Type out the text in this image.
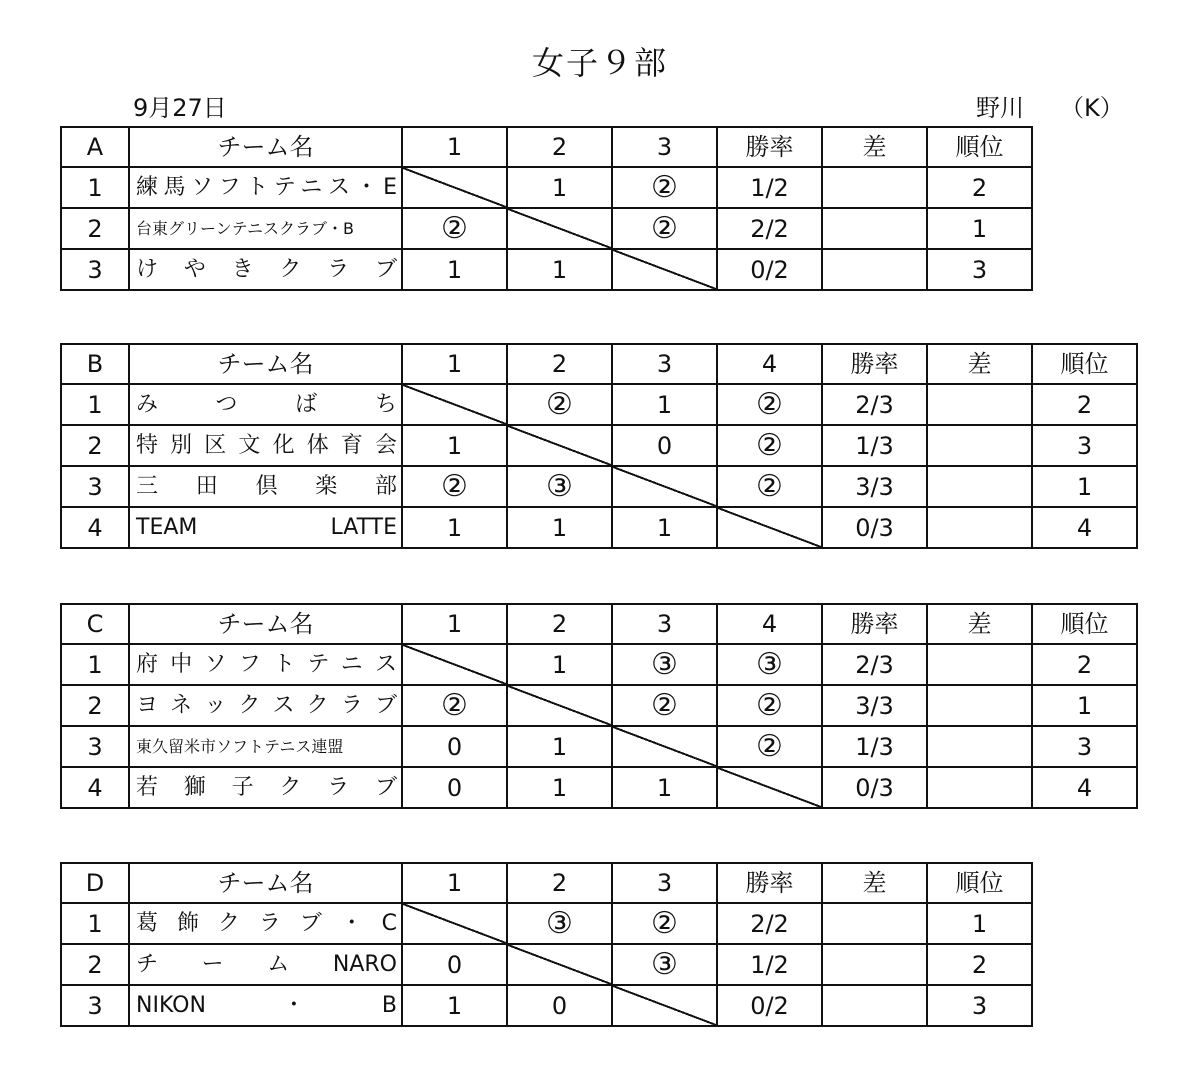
女子９部
9月27日	野川 （K）
A	チーム名	1	2	3	勝率	差	順位
1	練馬ソフトテニス・E		1	②	1/2		2
2	台東グリーンテニスクラブ・B	②		②	2/2		1
3	けやきクラブ	1	1		0/2		3
B	チーム名	1	2	3	4	勝率	差	順位
1	みつばち		②	1	②	2/3		2
2	特別区文化体育会	1		0	②	1/3		3
3	三田倶楽部	②	③		②	3/3		1
4	TEAM LATTE	1	1	1		0/3		4
C	チーム名	1	2	3	4	勝率	差	順位
1	府中ソフトテニス		1	③	③	2/3		2
2	ヨネックスクラブ	②		②	②	3/3		1
3	東久留米市ソフトテニス連盟	0	1		②	1/3		3
4	若獅子クラブ	0	1	1		0/3		4
D	チーム名	1	2	3	勝率	差	順位
1	葛飾クラブ・C		③	②	2/2		1
2	チームNARO	0		③	1/2		2
3	NIKON・B	1	0		0/2		3
